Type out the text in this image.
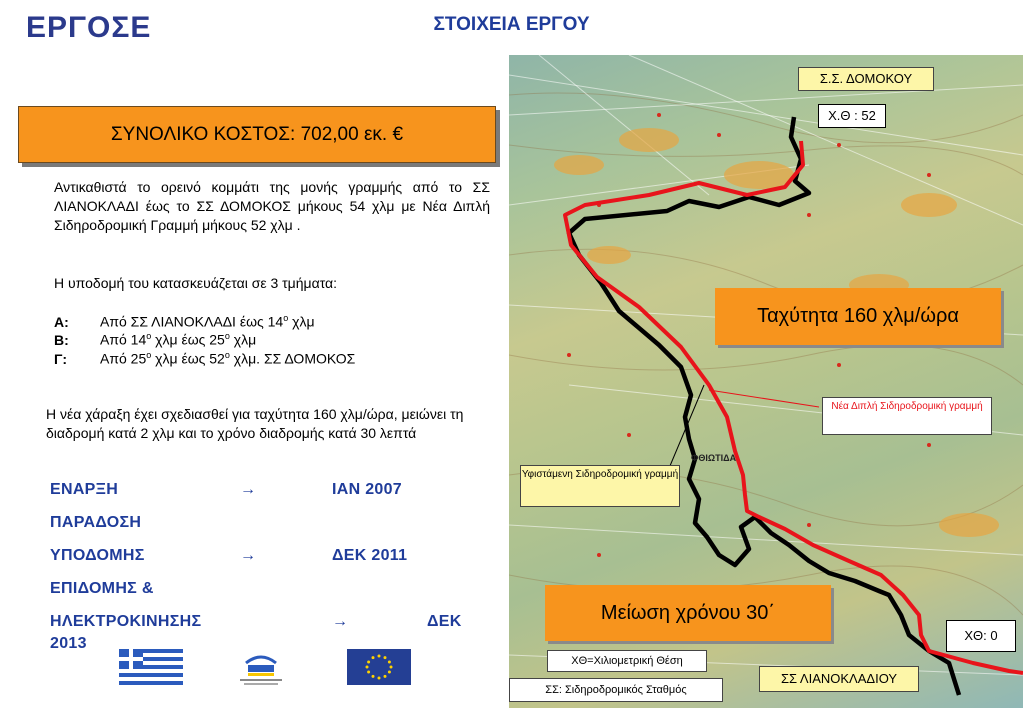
ΕΡΓΟΣΕ	ΣΤΟΙΧΕΙΑ ΕΡΓΟΥ
ΣΥΝΟΛΙΚΟ ΚΟΣΤΟΣ: 702,00 εκ. €
Αντικαθιστά το ορεινό κομμάτι της μονής γραμμής από το ΣΣ ΛΙΑΝΟΚΛΑΔΙ έως το ΣΣ ΔΟΜΟΚΟΣ μήκους 54 χλμ με Νέα Διπλή Σιδηροδρομική Γραμμή μήκους 52 χλμ .
Η υποδομή του κατασκευάζεται σε 3 τμήματα:
Α: Από ΣΣ ΛΙΑΝΟΚΛΑΔΙ έως $14^o$ χλμ
Β: Από $14^o$ χλμ έως $25^o$ χλμ
Γ: Από $25^o$ χλμ έως $52^o$ χλμ. ΣΣ ΔΟΜΟΚΟΣ
Η νέα χάραξη έχει σχεδιασθεί για ταχύτητα 160 χλμ/ώρα, μειώνει τη διαδρομή κατά 2 χλμ και το χρόνο διαδρομής κατά 30 λεπτά
ΕΝΑΡΞΗ	→	ΙΑΝ 2007
ΠΑΡΑΔΟΣΗ
ΥΠΟΔΟΜΗΣ	→	ΔΕΚ 2011
ΕΠΙΔΟΜΗΣ &
ΗΛΕΚΤΡΟΚΙΝΗΣΗΣ	→	ΔΕΚ
2013
ΦΘΙΩΤΙΔΑ
Σ.Σ. ΔΟΜΟΚΟΥ
Χ.Θ : 52
Ταχύτητα 160 χλμ/ώρα
Νέα Διπλή Σιδηροδρομική γραμμή
Υφιστάμενη Σιδηροδρομική γραμμή
Μείωση χρόνου 30΄
ΧΘ: 0
ΧΘ=Χιλιομετρική Θέση
ΣΣ: Σιδηροδρομικός Σταθμός
ΣΣ ΛΙΑΝΟΚΛΑΔΙΟΥ
